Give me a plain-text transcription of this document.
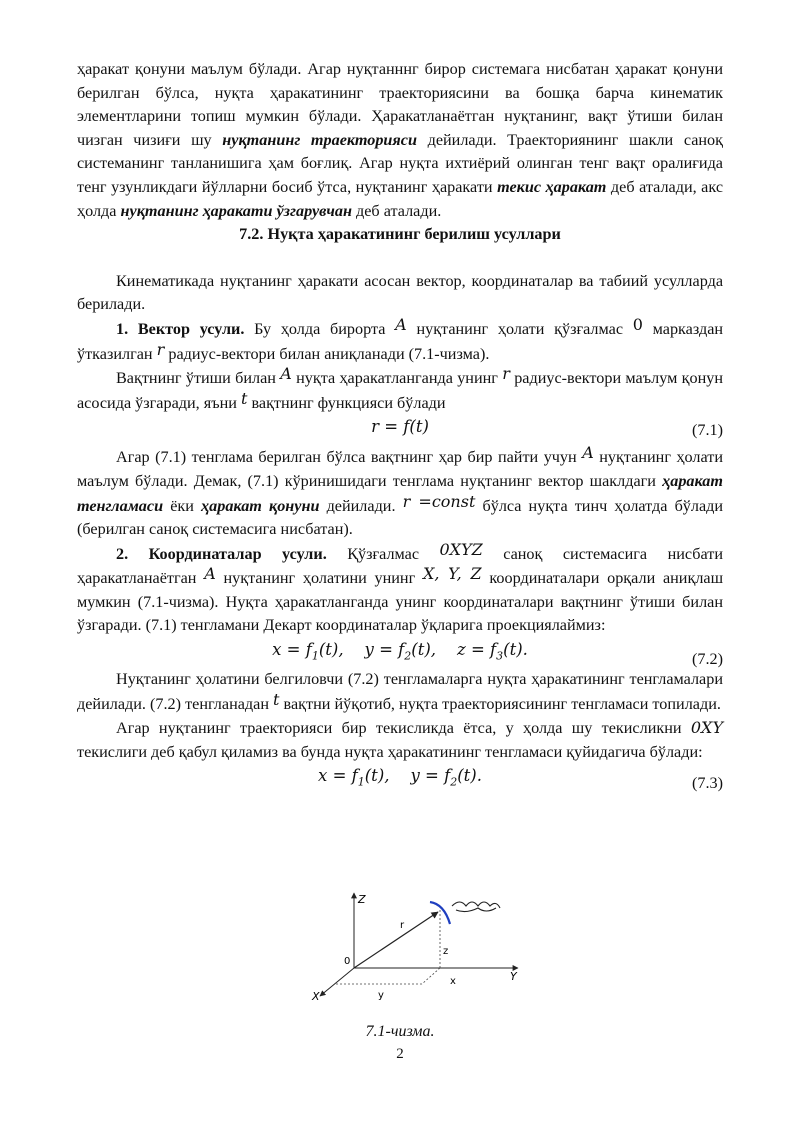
ҳаракат қонуни маълум бўлади. Агар нуқтанннг бирор системага нисбатан ҳаракат қонуни берилган бўлса, нуқта ҳаракатининг траекториясини ва бошқа барча кинематик элементларини топиш мумкин бўлади. Ҳаракатланаётган нуқтанинг, вақт ўтиши билан чизган чизиғи шу нуқтанинг траекторияси дейилади. Траекториянинг шакли саноқ системанинг танланишига ҳам боғлиқ. Агар нуқта ихтиёрий олинган тенг вақт оралиғида тенг узунликдаги йўлларни босиб ўтса, нуқтанинг ҳаракати текис ҳаракат деб аталади, акс ҳолда нуқтанинг ҳаракати ўзгарувчан деб аталади.

7.2. Нуқта ҳаракатининг берилиш усуллари

Кинематикада нуқтанинг ҳаракати асосан вектор, координаталар ва табиий усулларда берилади.

1. Вектор усули. Бу ҳолда бирорта A нуқтанинг ҳолати қўзғалмас 0 марказдан ўтказилган r радиус-вектори билан аниқланади (7.1-чизма).

Вақтнинг ўтиши билан A нуқта ҳаракатланганда унинг r радиус-вектори маълум қонун асосида ўзгаради, яъни t вақтнинг функцияси бўлади

r = f(t)	(7.1)

Агар (7.1) тенглама берилган бўлса вақтнинг ҳар бир пайти учун A нуқтанинг ҳолати маълум бўлади. Демак, (7.1) кўринишидаги тенглама нуқтанинг вектор шаклдаги ҳаракат тенгламаси ёки ҳаракат қонуни дейилади. r =const бўлса нуқта тинч ҳолатда бўлади (берилган саноқ системасига нисбатан).

2. Координаталар усули. Қўзғалмас 0XYZ саноқ системасига нисбати ҳаракатланаётган A нуқтанинг ҳолатини унинг X, Y, Z координаталари орқали аниқлаш мумкин (7.1-чизма). Нуқта ҳаракатланганда унинг координаталари вақтнинг ўтиши билан ўзгаради. (7.1) тенгламани Декарт координаталар ўқларига проекциялаймиз:

$x = f_1(t)$,    $y = f_2(t)$,    $z = f_3(t)$.	(7.2)

Нуқтанинг ҳолатини белгиловчи (7.2) тенгламаларга нуқта ҳаракатининг тенгламалари дейилади. (7.2) тенгланадан t вақтни йўқотиб, нуқта траекториясининг тенгламаси топилади.

Агар нуқтанинг траекторияси бир текисликда ётса, у ҳолда шу текисликни 0XY текислиги деб қабул қиламиз ва бунда нуқта ҳаракатининг тенгламаси қуйидагича бўлади:

$x = f_1(t)$,    $y = f_2(t)$.	(7.3)
Z
Y
X
0
r
z
x
y
7.1-чизма.
2
